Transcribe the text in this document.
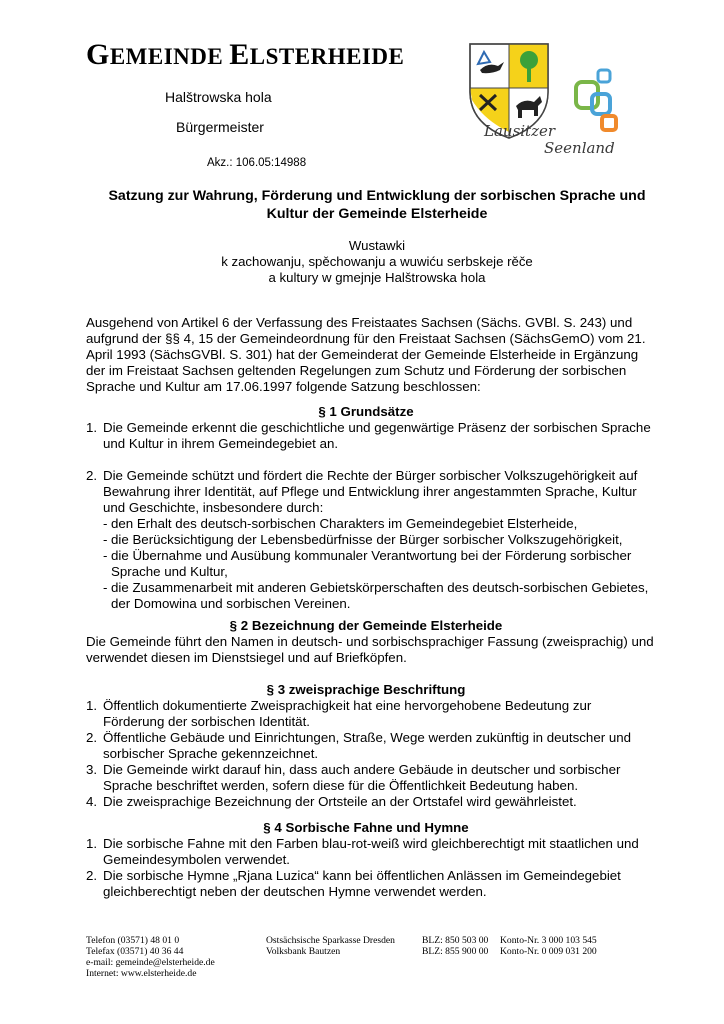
GEMEINDE ELSTERHEIDE
Halštrowska hola
Bürgermeister
Akz.: 106.05:14988
Lausitzer
Seenland
Satzung zur Wahrung, Förderung und Entwicklung der sorbischen Sprache und Kultur der Gemeinde Elsterheide
Wustawki
k zachowanju, spěchowanju a wuwiću serbskeje rěče
a kultury w gmejnje Halštrowska hola
Ausgehend von Artikel 6 der Verfassung des Freistaates Sachsen (Sächs. GVBl. S. 243) und aufgrund der §§ 4, 15 der Gemeindeordnung für den Freistaat Sachsen (SächsGemO) vom 21. April 1993 (SächsGVBl. S. 301) hat der Gemeinderat der Gemeinde Elsterheide in Ergänzung der im Freistaat Sachsen geltenden Regelungen zum Schutz und Förderung der sorbischen Sprache und Kultur am 17.06.1997 folgende Satzung beschlossen:
§ 1 Grundsätze
1. Die Gemeinde erkennt die geschichtliche und gegenwärtige Präsenz der sorbischen Sprache und Kultur in ihrem Gemeindegebiet an.
2. Die Gemeinde schützt und fördert die Rechte der Bürger sorbischer Volkszugehörigkeit auf Bewahrung ihrer Identität, auf Pflege und Entwicklung ihrer angestammten Sprache, Kultur und Geschichte, insbesondere durch:
- den Erhalt des deutsch-sorbischen Charakters im Gemeindegebiet Elsterheide,
- die Berücksichtigung der Lebensbedürfnisse der Bürger sorbischer Volkszugehörigkeit,
- die Übernahme und Ausübung kommunaler Verantwortung bei der Förderung sorbischer Sprache und Kultur,
- die Zusammenarbeit mit anderen Gebietskörperschaften des deutsch-sorbischen Gebietes, der Domowina und sorbischen Vereinen.
§ 2 Bezeichnung der Gemeinde Elsterheide
Die Gemeinde führt den Namen in deutsch- und sorbischsprachiger Fassung (zweisprachig) und verwendet diesen im Dienstsiegel und auf Briefköpfen.
§ 3 zweisprachige Beschriftung
1. Öffentlich dokumentierte Zweisprachigkeit hat eine hervorgehobene Bedeutung zur Förderung der sorbischen Identität.
2. Öffentliche Gebäude und Einrichtungen, Straße, Wege werden zukünftig in deutscher und sorbischer Sprache gekennzeichnet.
3. Die Gemeinde wirkt darauf hin, dass auch andere Gebäude in deutscher und sorbischer Sprache beschriftet werden, sofern diese für die Öffentlichkeit Bedeutung haben.
4. Die zweisprachige Bezeichnung der Ortsteile an der Ortstafel wird gewährleistet.
§ 4 Sorbische Fahne und Hymne
1. Die sorbische Fahne mit den Farben blau-rot-weiß wird gleichberechtigt mit staatlichen und Gemeindesymbolen verwendet.
2. Die sorbische Hymne „Rjana Luzica“ kann bei öffentlichen Anlässen im Gemeindegebiet gleichberechtigt neben der deutschen Hymne verwendet werden.
Telefon (03571) 48 01 0
Telefax (03571) 40 36 44
e-mail: gemeinde@elsterheide.de
Internet: www.elsterheide.de
Ostsächsische Sparkasse Dresden
Volksbank Bautzen
BLZ: 850 503 00
BLZ: 855 900 00
Konto-Nr. 3 000 103 545
Konto-Nr. 0 009 031 200
